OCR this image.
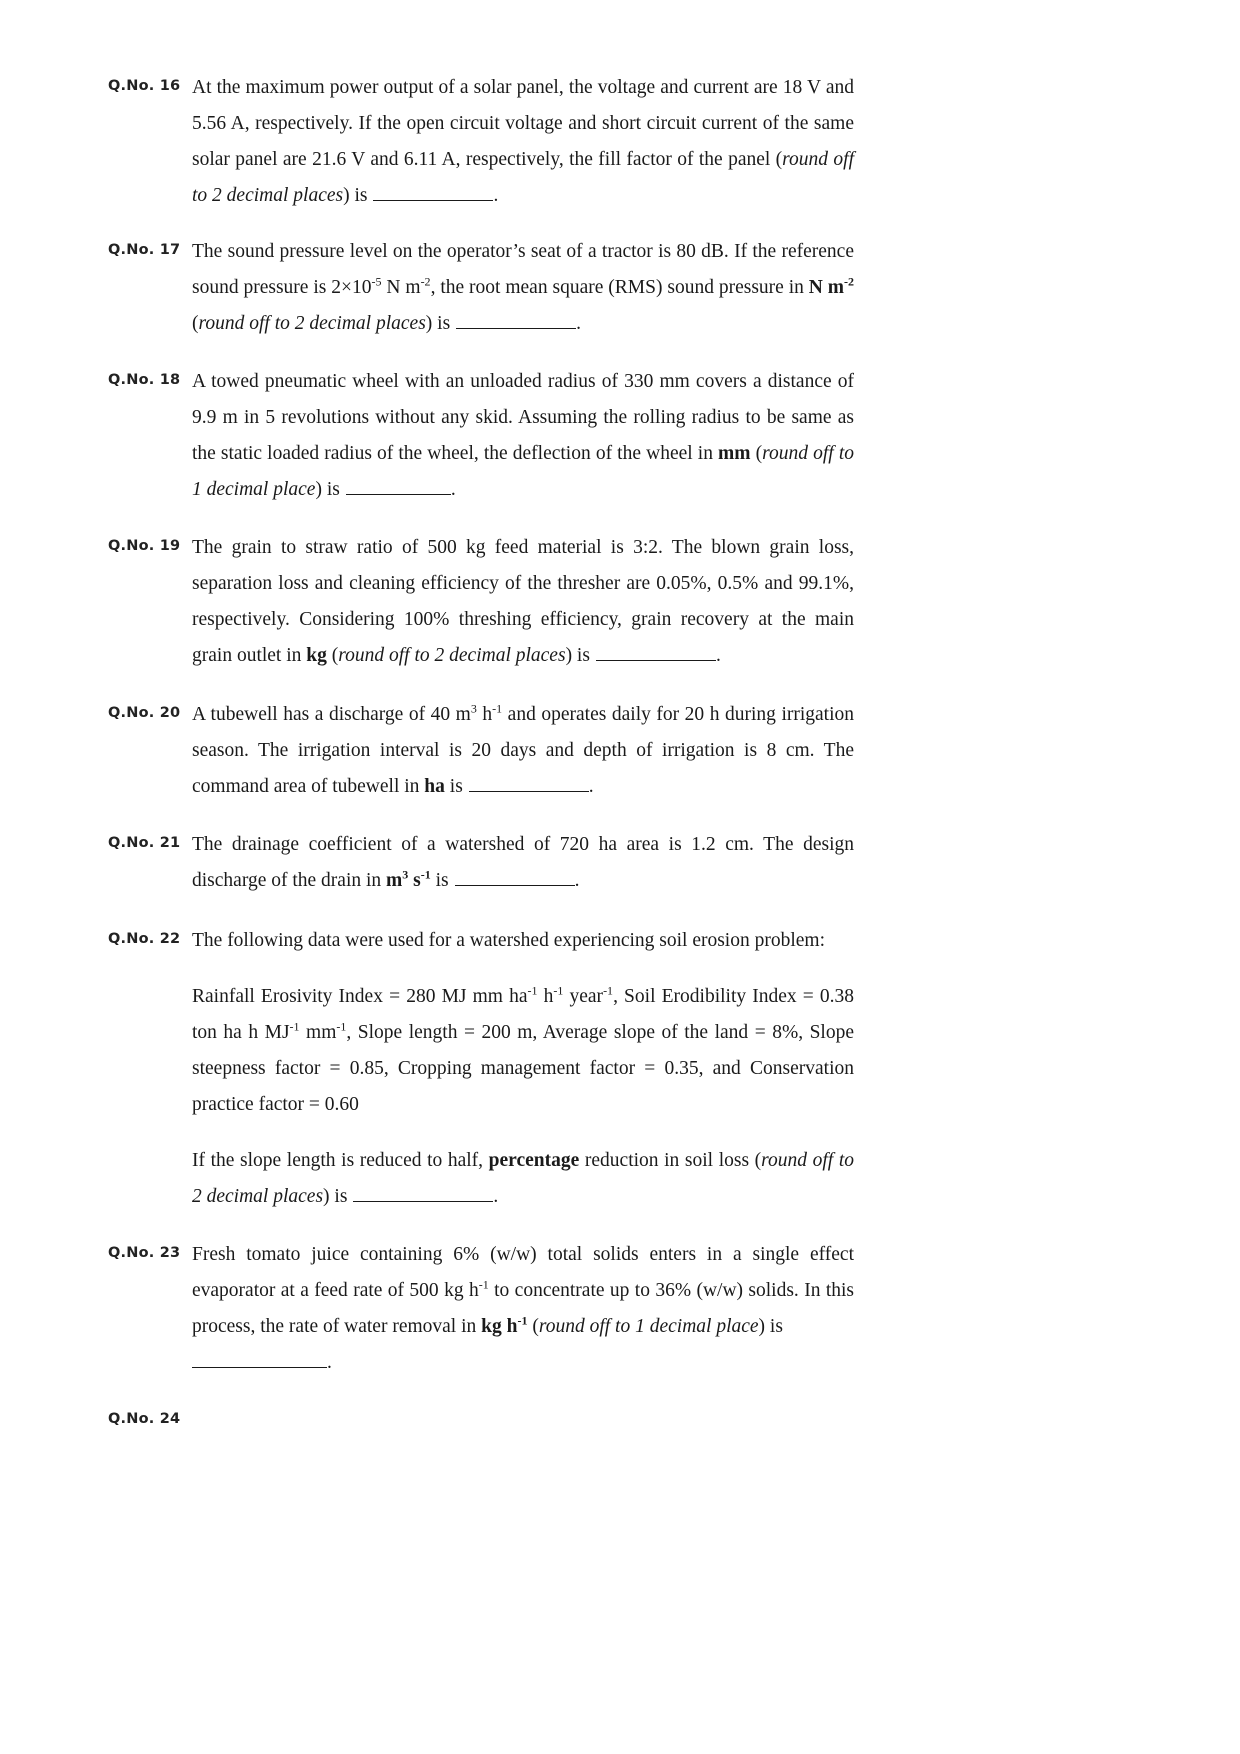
Q.No. 16 At the maximum power output of a solar panel, the voltage and current are 18 V and 5.56 A, respectively. If the open circuit voltage and short circuit current of the same solar panel are 21.6 V and 6.11 A, respectively, the fill factor of the panel (round off to 2 decimal places) is	.

Q.No. 17 The sound pressure level on the operator’s seat of a tractor is 80 dB. If the reference sound pressure is $2\times 10^{-5}$ N $m^{-2}$, the root mean square (RMS) sound pressure in N $m^{-2}$ (round off to 2 decimal places) is	.

Q.No. 18 A towed pneumatic wheel with an unloaded radius of 330 mm covers a distance of 9.9 m in 5 revolutions without any skid. Assuming the rolling radius to be same as the static loaded radius of the wheel, the deflection of the wheel in mm (round off to 1 decimal place) is	.

Q.No. 19 The grain to straw ratio of 500 kg feed material is 3:2. The blown grain loss, separation loss and cleaning efficiency of the thresher are 0.05%, 0.5% and 99.1%, respectively. Considering 100% threshing efficiency, grain recovery at the main grain outlet in kg (round off to 2 decimal places) is	.

Q.No. 20 A tubewell has a discharge of 40 $m^3$ $h^{-1}$ and operates daily for 20 h during irrigation season. The irrigation interval is 20 days and depth of irrigation is 8 cm. The command area of tubewell in ha is	.

Q.No. 21 The drainage coefficient of a watershed of 720 ha area is 1.2 cm. The design discharge of the drain in $m^3$ $s^{-1}$ is	.

Q.No. 22 The following data were used for a watershed experiencing soil erosion problem:

Rainfall Erosivity Index = 280 MJ mm $ha^{-1}$ $h^{-1}$ year$^{-1}$, Soil Erodibility Index = 0.38 ton ha h $MJ^{-1}$ $mm^{-1}$, Slope length = 200 m, Average slope of the land = 8%, Slope steepness factor = 0.85, Cropping management factor = 0.35, and Conservation practice factor = 0.60

If the slope length is reduced to half, percentage reduction in soil loss (round off to 2 decimal places) is	.

Q.No. 23 Fresh tomato juice containing 6% (w/w) total solids enters in a single effect evaporator at a feed rate of 500 kg $h^{-1}$ to concentrate up to 36% (w/w) solids. In this process, the rate of water removal in kg $h^{-1}$ (round off to 1 decimal place) is
.

Q.No. 24
